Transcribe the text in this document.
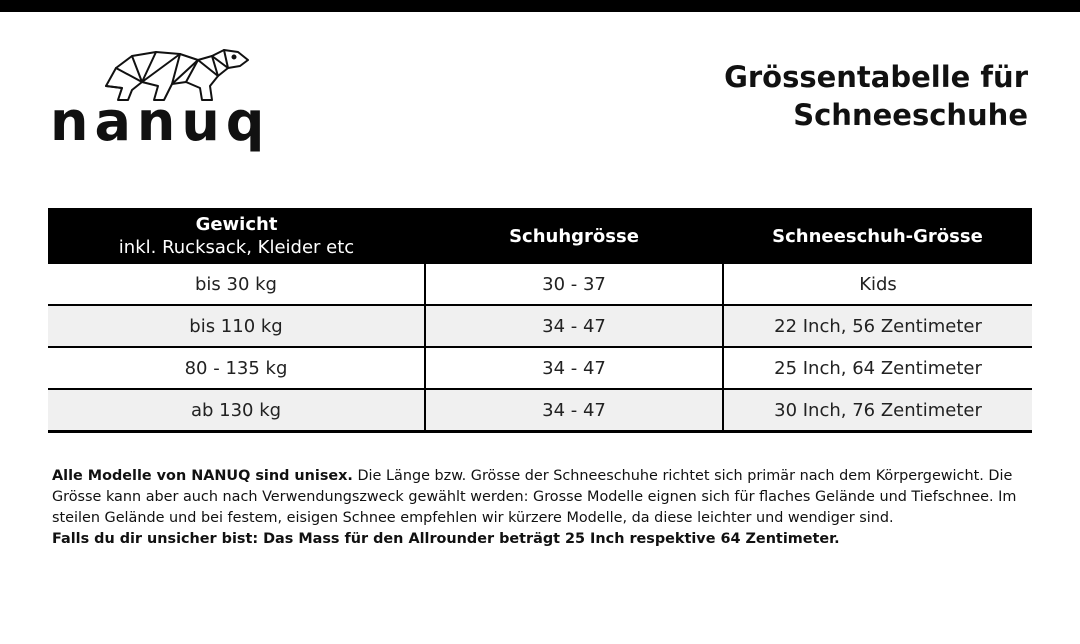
nanuq
Grössentabelle für
Schneeschuhe
Gewicht
inkl. Rucksack, Kleider etc	Schuhgrösse	Schneeschuh-Grösse
bis 30 kg	30 - 37	Kids
bis 110 kg	34 - 47	22 Inch, 56 Zentimeter
80 - 135 kg	34 - 47	25 Inch, 64 Zentimeter
ab 130 kg	34 - 47	30 Inch, 76 Zentimeter

Alle Modelle von NANUQ sind unisex. Die Länge bzw. Grösse der Schneeschuhe richtet sich primär nach dem Körpergewicht. Die Grösse kann aber auch nach Verwendungszweck gewählt werden: Grosse Modelle eignen sich für flaches Gelände und Tiefschnee. Im steilen Gelände und bei festem, eisigen Schnee empfehlen wir kürzere Modelle, da diese leichter und wendiger sind.

Falls du dir unsicher bist: Das Mass für den Allrounder beträgt 25 Inch respektive 64 Zentimeter.
